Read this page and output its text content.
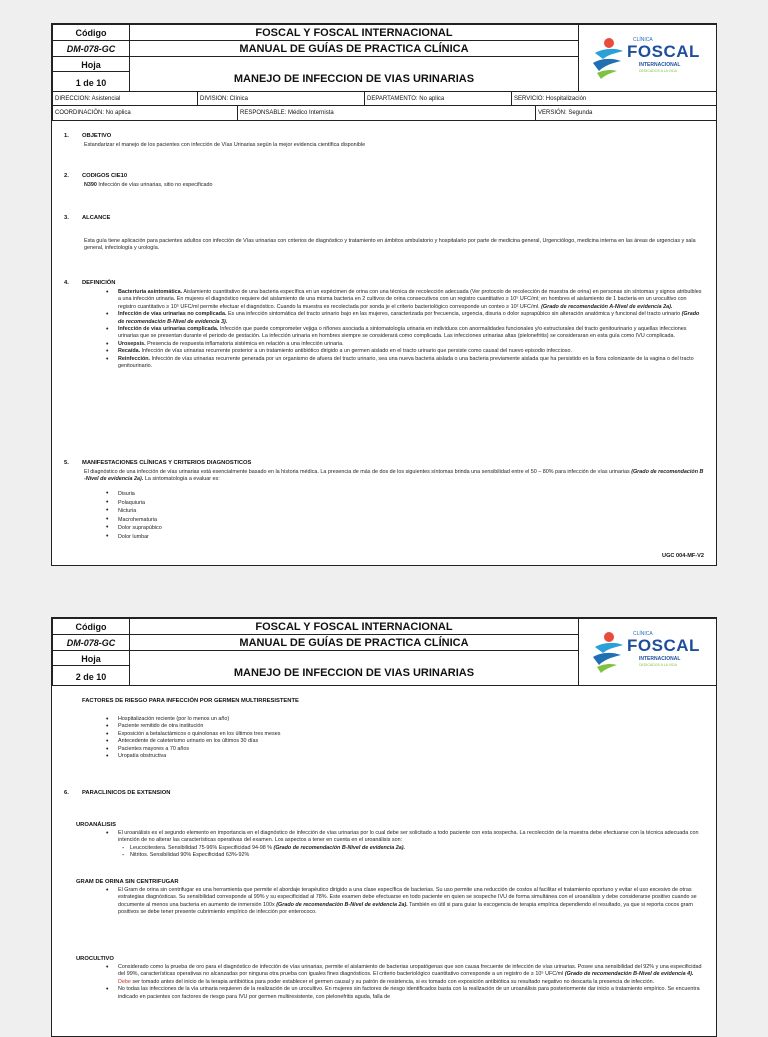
Código
DM-078-GC
Hoja
1 de 10
FOSCAL Y FOSCAL INTERNACIONAL
MANUAL DE GUÍAS DE PRACTICA CLÍNICA
MANEJO DE INFECCION DE VIAS URINARIAS
CLÍNICA
FOSCAL
INTERNACIONAL
DEDICADOS A LA VIDA
DIRECCION: Asistencial	DIVISION: Clínica	DEPARTAMENTO: No aplica	SERVICIO: Hospitalización
COORDINACIÓN: No aplica	RESPONSABLE: Médico Internista	VERSIÓN: Segunda
1. OBJETIVO
Estandarizar el manejo de los pacientes con infección de Vías Urinarias según la mejor evidencia científica disponible
2. CODIGOS CIE10
N390 Infección de vías urinarias, sitio no especificado
3. ALCANCE
Esta guía tiene aplicación para pacientes adultos con infección de Vías urinarias con criterios de diagnóstico y tratamiento en ámbitos ambulatorio y hospitalario por parte de medicina general, Urgenciólogo, medicina interna en las áreas de urgencias y sala general, infectología y urología.
4. DEFINICIÓN
• Bacteriuria asintomática. Aislamiento cuantitativo de una bacteria específica en un espécimen de orina con una técnica de recolección adecuada (Ver protocolo de recolección de muestra de orina) en personas sin síntomas y signos atribuibles a una infección urinaria. En mujeres el diagnóstico requiere del aislamiento de una misma bacteria en 2 cultivos de orina consecutivos con un registro cuantitativo ≥ 10⁵ UFC/ml; en hombres el aislamiento de 1 bacteria en un urocultivo con registro cuantitativo ≥ 10⁵ UFC/ml permite efectuar el diagnóstico. Cuando la muestra es recolectada por sonda je el criterio bacteriológico corresponde un conteo ≥ 10² UFC/ml. (Grado de recomendación A-Nivel de evidencia 2a).
• Infección de vías urinarias no complicada. Es una infección sintomática del tracto urinario bajo en las mujeres, caracterizada por frecuencia, urgencia, disuria o dolor suprapúbico sin alteración anatómica y funcional del tracto urinario (Grado de recomendación B-Nivel de evidencia 3).
• Infección de vías urinarias complicada. Infección que puede comprometer vejiga o riñones asociada a sintomatología urinaria en individuos con anormalidades funcionales y/o estructurales del tracto genitourinario y aquellas infecciones urinarias que se presentan durante el periodo de gestación. La infección urinaria en hombres siempre se considerará como complicada. Las infecciones urinarias altas (pielonefritis) se consideraran en esta guía como IVU complicada.
• Urosepsis. Presencia de respuesta inflamatoria sistémica en relación a una infección urinaria.
• Recaída. Infección de vías urinarias recurrente posterior a un tratamiento antibiótico dirigido a un germen aislado en el tracto urinario que persiste como causal del nuevo episodio infeccioso.
• Reinfección. Infección de vías urinarias recurrente generada por un organismo de afuera del tracto urinario, sea una nueva bacteria aislada o una bacteria previamente aislada que ha persistido en la flora colonizante de la vagina o del tracto genitourinario.
5. MANIFESTACIONES CLÍNICAS Y CRITERIOS DIAGNOSTICOS
El diagnóstico de una infección de vías urinarias está esencialmente basado en la historia médica. La presencia de más de dos de los siguientes síntomas brinda una sensibilidad entre el 50 – 80% para infección de vías urinarias (Grado de recomendación B -Nivel de evidencia 2a). La sintomatología a evaluar es:
• Disuria
• Polaquiuria
• Nicturia
• Macrohematuria
• Dolor suprapúbico
• Dolor lumbar
UGC 004-MF-V2
Código
DM-078-GC
Hoja
2 de 10
FOSCAL Y FOSCAL INTERNACIONAL
MANUAL DE GUÍAS DE PRACTICA CLÍNICA
MANEJO DE INFECCION DE VIAS URINARIAS
CLÍNICA
FOSCAL
INTERNACIONAL
DEDICADOS A LA VIDA
FACTORES DE RIESGO PARA INFECCIÓN POR GERMEN MULTIRRESISTENTE
• Hospitalización reciente (por lo menos un año)
• Paciente remitido de otra institución
• Exposición a betalactámicos o quinolonas en los últimos tres meses
• Antecedente de cateterismo urinario en los últimos 30 días
• Pacientes mayores a 70 años
• Uropatía obstructiva
6. PARACLINICOS DE EXTENSION
UROANÁLISIS
• El uroanálisis es el segundo elemento en importancia en el diagnóstico de infección de vías urinarias por lo cual debe ser solicitado a todo paciente con esta sospecha. La recolección de la muestra debe efectuarse con la técnica adecuada con intención de no alterar las características operativas del examen. Los aspectos a tener en cuenta en el uroanálisis son:
- Leucocitestera. Sensibilidad 75-96% Especificidad 94-98 % (Grado de recomendación B-Nivel de evidencia 2a).
- Nitritos. Sensibilidad 90% Especificidad 63%-92%
GRAM DE ORINA SIN CENTRIFUGAR
• El Gram de orina sin centrifugar es una herramienta que permite el abordaje terapéutico dirigido a una clase específica de bacterias. Su uso permite una reducción de costos al facilitar el tratamiento oportuno y evitar el uso excesivo de otras estrategias diagnósticas. Su sensibilidad corresponde al 99% y su especificidad al 78%. Este examen debe efectuarse en todo paciente en quien se sospeche IVU de forma simultánea con el uroanálisis y debe considerarse positivo cuando se documente al menos una bacteria en aumento de inmersión 100x (Grado de recomendación B-Nivel de evidencia 2a). También es útil si para guiar la escogencia de terapia empírica dependiendo el resultado, ya que si reporta cocos gram positivos se debe tener presente cubrimiento empírico de infección por enterococo.
UROCULTIVO
• Considerado como la prueba de oro para el diagnóstico de infección de vías urinarias, permite el aislamiento de bacterias uropatógenas que son causa frecuente de infección de vías urinarias. Posee una sensibilidad del 92% y una especificidad del 99%, características operativas no alcanzadas por ninguna otra prueba con iguales fines diagnósticos. El criterio bacteriológico cuantitativo corresponde a un registro de ≥ 10⁵ UFC/ml (Grado de recomendación B-Nivel de evidencia 4). Debe ser tomado antes del inicio de la terapia antibiótica para poder establecer el germen causal y su patrón de resistencia, si es tomado con exposición antibiótica su resultado negativo no descarta la presencia de infección.
• No todas las infecciones de la vía urinaria requieren de la realización de un urocultivo. En mujeres sin factores de riesgo identificados basta con la realización de un uroanálisis para posteriormente dar inicio a tratamiento empírico. Se encuentra indicado en pacientes con factores de riesgo para IVU por germen multiresistente, con pielonefritis aguda, falla de
